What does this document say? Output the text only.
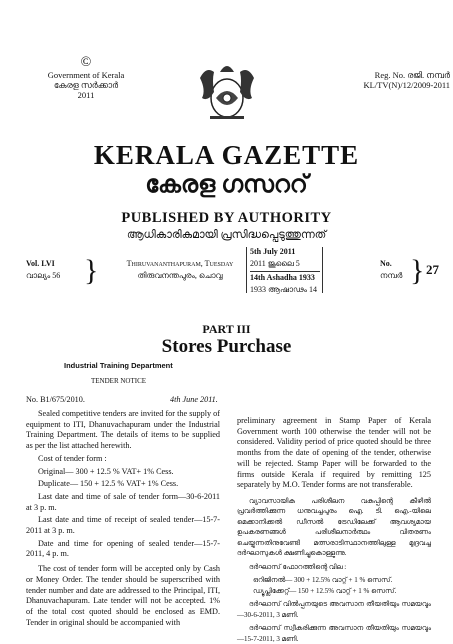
©
Government of Kerala
കേരള സർക്കാർ
2011
Reg. No. രജി. നമ്പർ
KL/TV(N)/12/2009-2011
KERALA GAZETTE
കേരള ഗസററ്
PUBLISHED BY AUTHORITY
ആധികാരികമായി പ്രസിദ്ധപ്പെടുത്തുന്നത്
Vol. LVI
വാല്യം 56 }	Thiruvananthapuram, Tuesday
തിരുവനന്തപുരം, ചൊവ്വ
5th July 2011
2011 ജൂലൈ 5
14th Ashadha 1933
1933 ആഷാഢം 14
No.
നമ്പർ } 27
PART III
Stores Purchase
Industrial Training Department
TENDER NOTICE
No. B1/675/2010.	4th June 2011.

Sealed competitive tenders are invited for the supply of equipment to ITI, Dhanuvachapuram under the Industrial Training Department. The details of items to be supplied as per the list attached herewith.

Cost of tender form :

Original— 300 + 12.5 % VAT+ 1% Cess.

Duplicate— 150 + 12.5 % VAT+ 1% Cess.

Last date and time of sale of tender form—30-6-2011 at 3 p. m.

Last date and time of receipt of sealed tender—15-7-2011 at 3 p. m.

Date and time for opening of sealed tender—15-7-2011, 4 p. m.

The cost of tender form will be accepted only by Cash or Money Order. The tender should be superscribed with tender number and date are addressed to the Principal, ITI, Dhanuvachapuram. Late tender will not be accepted. 1% of the total cost quoted should be enclosed as EMD. Tender in original should be accompanied with

preliminary agreement in Stamp Paper of Kerala Government worth 100 otherwise the tender will not be considered. Validity period of price quoted should be three months from the date of opening of the tender, otherwise will be rejected. Stamp Paper will be forwarded to the firms outside Kerala if required by remitting 125 separately by M.O. Tender forms are not transferable.

വ്യാവസായിക പരിശീലന വകുപ്പിന്റെ കീഴിൽ പ്രവർത്തിക്കുന്ന ധനുവച്ചപുരം ഐ. ടി. ഐ.-യിലെ മെക്കാനിക്കൽ ഡീസൽ ട്രേഡിലേക്ക് ആവശ്യമായ ഉപകരണങ്ങൾ പരിശീലനാർത്ഥം വിതരണം ചെയ്യുന്നതിനുവേണ്ടി മത്സരാടിസ്ഥാനത്തിലുള്ള മുദ്രവച്ച ദർഘാസുകൾ ക്ഷണിച്ചുകൊള്ളുന്നു.

ദർഘാസ് ഫോറത്തിന്റെ വില :

ഒറിജിനൽ— 300 + 12.5% വാറ്റ് + 1 % സെസ്.

ഡ്യൂപ്ലിക്കേറ്റ്— 150 + 12.5% വാറ്റ് + 1 % സെസ്.

ദർഘാസ് വിൽപ്പനയുടെ അവസാന തീയതിയും സമയവും—30-6-2011, 3 മണി.

ദർഘാസ് സ്വീകരിക്കുന്ന അവസാന തീയതിയും സമയവും—15-7-2011, 3 മണി.
